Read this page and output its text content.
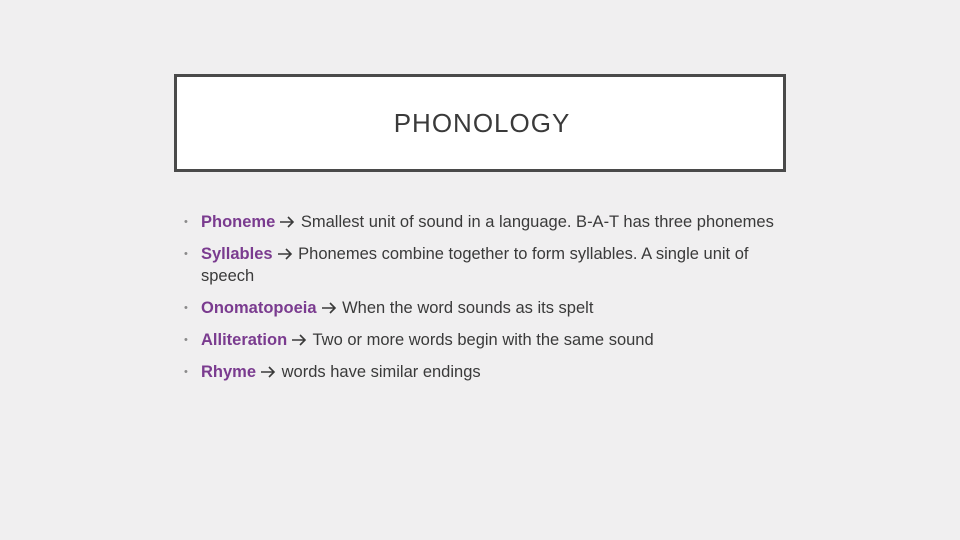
PHONOLOGY
• Phoneme Smallest unit of sound in a language. B-A-T has three phonemes
• Syllables Phonemes combine together to form syllables. A single unit of speech
• Onomatopoeia When the word sounds as its spelt
• Alliteration Two or more words begin with the same sound
• Rhyme words have similar endings
